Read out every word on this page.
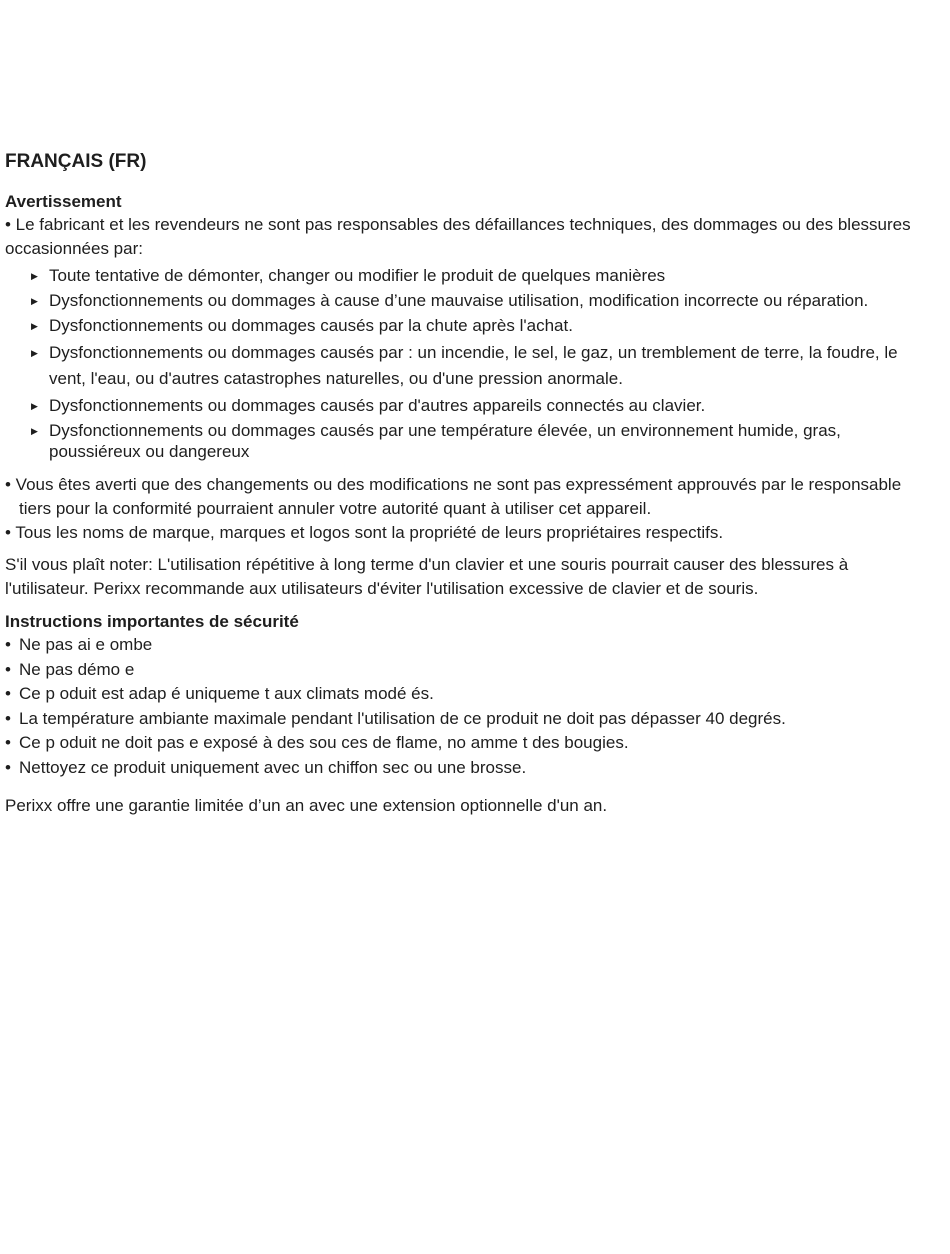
FRANÇAIS (FR)
Avertissement

• Le fabricant et les revendeurs ne sont pas responsables des défaillances techniques, des dommages ou des blessures occasionnées par:

▶ Toute tentative de démonter, changer ou modifier le produit de quelques manières
▶ Dysfonctionnements ou dommages à cause d’une mauvaise utilisation, modification incorrecte ou réparation.
▶ Dysfonctionnements ou dommages causés par la chute après l'achat.
▶ Dysfonctionnements ou dommages causés par : un incendie, le sel, le gaz, un tremblement de terre, la foudre, le vent, l'eau, ou d'autres catastrophes naturelles, ou d'une pression anormale.
▶ Dysfonctionnements ou dommages causés par d'autres appareils connectés au clavier.
▶ Dysfonctionnements ou dommages causés par une température élevée, un environnement humide, gras, poussiéreux ou dangereux

• Vous êtes averti que des changements ou des modifications ne sont pas expressément approuvés par le responsable tiers pour la conformité pourraient annuler votre autorité quant à utiliser cet appareil.

• Tous les noms de marque, marques et logos sont la propriété de leurs propriétaires respectifs.

S'il vous plaît noter: L'utilisation répétitive à long terme d'un clavier et une souris pourrait causer des blessures à l'utilisateur. Perixx recommande aux utilisateurs d'éviter l'utilisation excessive de clavier et de souris.

Instructions importantes de sécurité
• Ne pas ai e ombe
• Ne pas démo e
• Ce p oduit est adap é uniqueme t aux climats modé és.
• La température ambiante maximale pendant l'utilisation de ce produit ne doit pas dépasser 40 degrés.
• Ce p oduit ne doit pas e exposé à des sou ces de flame, no amme t des bougies.
• Nettoyez ce produit uniquement avec un chiffon sec ou une brosse.

Perixx offre une garantie limitée d’un an avec une extension optionnelle d'un an.
